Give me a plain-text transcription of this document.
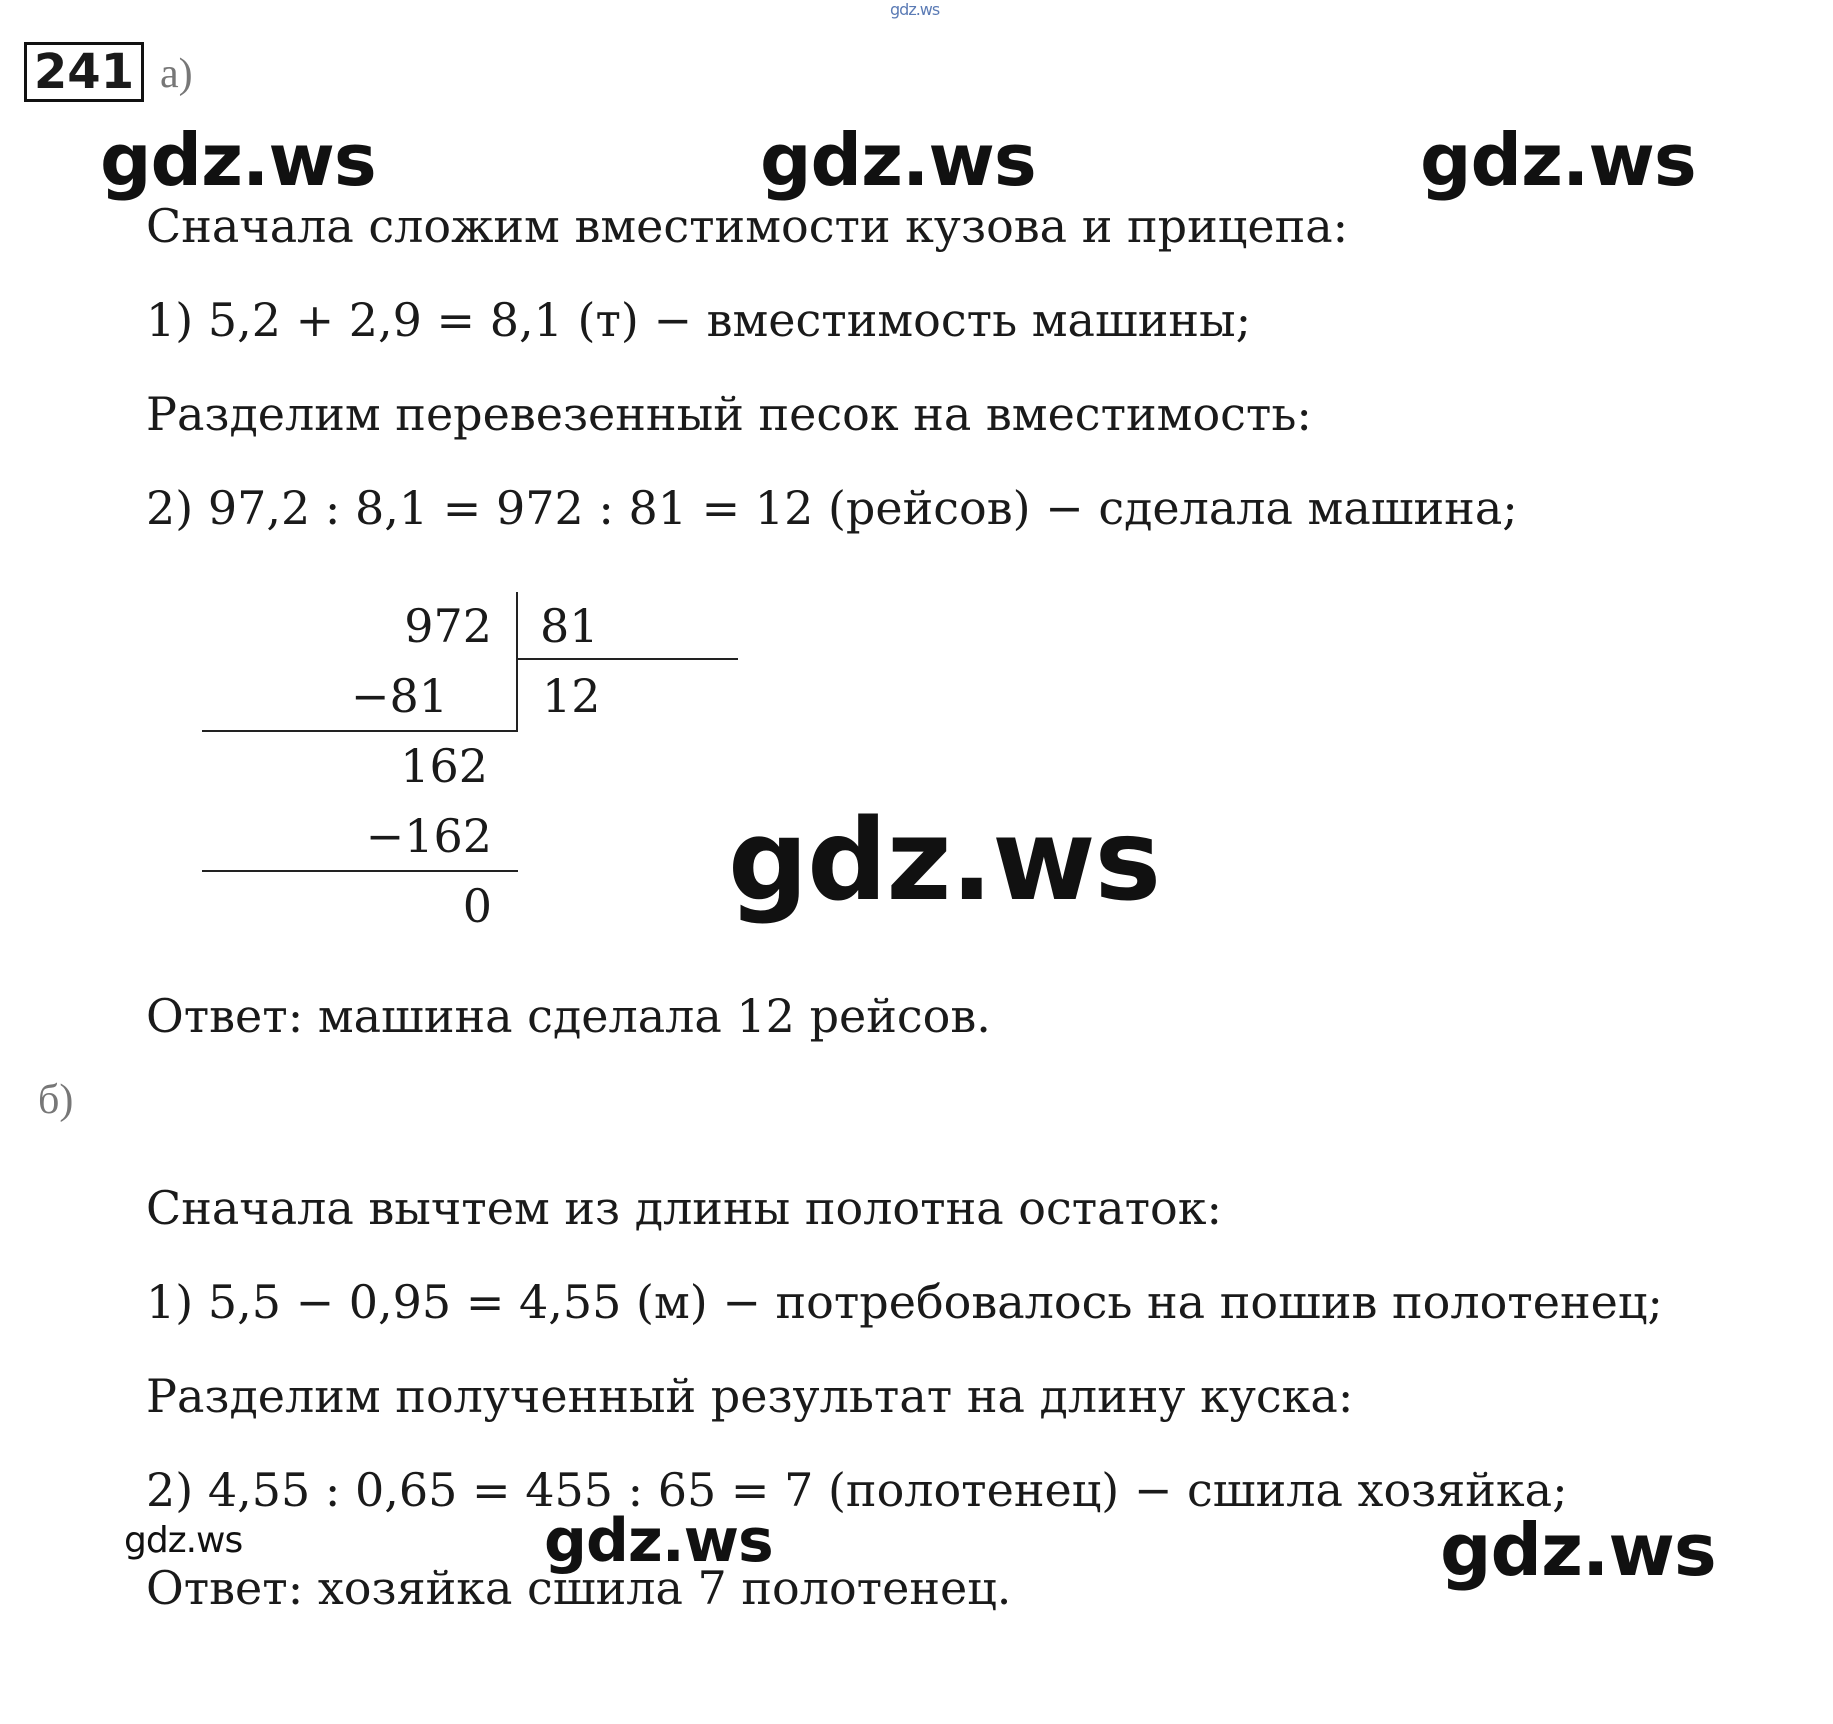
gdz.ws
241 а)
gdz.ws	gdz.ws	gdz.ws
Сначала сложим вместимости кузова и прицепа:
1) 5,2 + 2,9 = 8,1 (т) − вместимость машины;
Разделим перевезенный песок на вместимость:
2) 97,2 : 8,1 = 972 : 81 = 12 (рейсов) − сделала машина;
972 81
−81 12
162
−162
0 gdz.ws
Ответ: машина сделала 12 рейсов.
б)
Сначала вычтем из длины полотна остаток:
1) 5,5 − 0,95 = 4,55 (м) − потребовалось на пошив полотенец;
Разделим полученный результат на длину куска:
2) 4,55 : 0,65 = 455 : 65 = 7 (полотенец) − сшила хозяйка;
gdz.ws	gdz.ws	gdz.ws
Ответ: хозяйка сшила 7 полотенец.
